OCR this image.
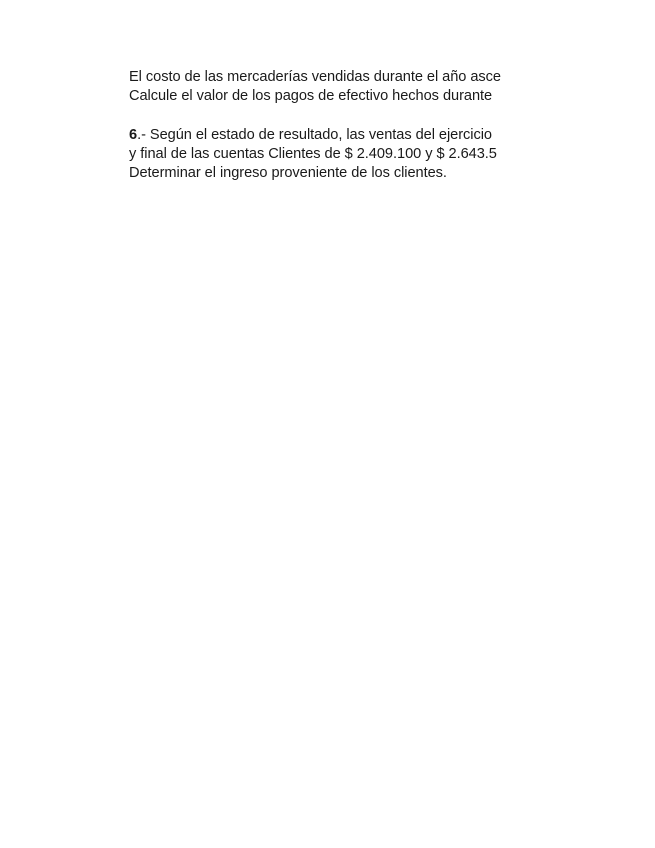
El costo de las mercaderías vendidas durante el año asce
Calcule el valor de los pagos de efectivo hechos durante
6.- Según el estado de resultado, las ventas del ejercicio
y final de las cuentas Clientes de $ 2.409.100 y $ 2.643.5
Determinar el ingreso proveniente de los clientes.
